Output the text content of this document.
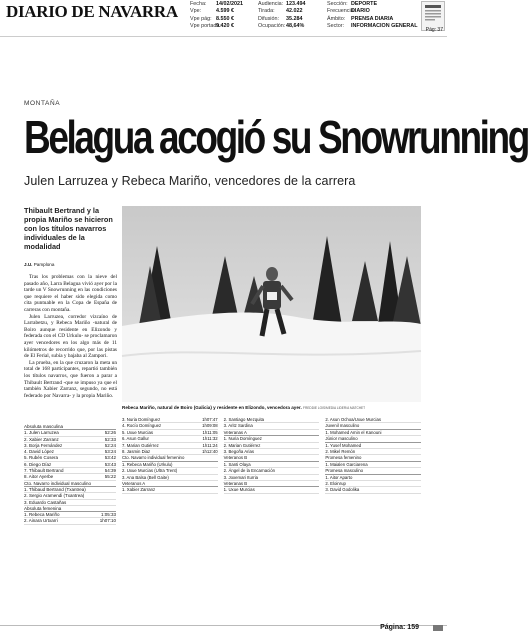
DIARIO DE NAVARRA Fecha: 14/02/2021
Vpe:	4.599 €
Vpe pág: 8.550 €
Vpe portada:9.420 €
Audiencia: 123.494
Tirada: 42.022
Difusión: 35.284
Ocupación:48,64%
Sección: DEPORTE
Frecuencia:DIARIO
Ámbito: PRENSA DIARIA
Sector: INFORMACION GENERAL
Pág: 37
MONTAÑA
Belagua acogió su Snowrunning
Julen Larruzea y Rebeca Mariño, vencedores de la carrera
Thibault Bertrand y la propia Mariño se hicieron con los títulos navarros individuales de la modalidad
J.U. Pamplona

Tras los problemas con la nieve del pasado año, Larra Belagua vivió ayer por la tarde un V Snowrunning en las condiciones que requiere el haber sido elegida como cita puntuable en la Copa de España de carreras con montaña.

Julen Larruzea, corredor vizcaíno de Larrabetzu, y Rebeca Mariño -natural de Boiro aunque residente en Elizondo y federada con el CD Urkulu- se proclamaron ayer vencedores en los algo más de 11 kilómetros de recorrido que, por las pistas de El Ferial, subía y bajaba al Zampori.

La prueba, en la que cruzaron la meta un total de 168 participantes, repartió también los títulos navarros, que fueron a parar a Thibault Bertrand -que se impuso ya que el también Xabier Zarranz, segundo, no está federado por Navarra- y la propia Mariño.

Absoluta masculina
1. Julen Larruzea	52:26
2. Xabier Zarranz	52:33
3. Borja Fernández	52:24
4. David López	53:24
5. Rubén Cosera	53:42
6. Diego Díaz	53:43
7. Thibault Bertrand	54:39
8. Aitor Ayerbe	55:22
Cto. Navarro individual masculino
1. Thibaud Bertrand (Txantrea)
2. Sergio Aramendi (Txantrea)
3. Eduardo Castañas
Absoluta femenina
1. Rebeca Mariño	1:05:33
2. Ainara Urtxarri	1h07:10
Rebeca Mariño, natural de Boiro (Galicia) y residente en Elizondo, vencedora ayer. FREDDIE LOIS/MEDIA LIDER/A MATCHET
3. Nuria Domínguez	1h07:47
4. Rocío Domínguez	1h09:08
5. Uxue Murcias	1h11:05
6. Asun Gallur	1h11:32
7. Marian Gutiérrez	1h11:24
8. Jasmin Diaz	1h12:40
Cto. Navarro individual femenino
1. Rebeca Mariño (Urkulu)
2. Uxue Murcias (Ultra Trent)
3. Ana Balsa (Bell Gaite)
Veteranos A
1. Xabier Zarranz
2. Santiago Mezquita
3. Aritz Sardina
Veteranas A
1. Nuria Domínguez
2. Marian Gutiérrez
3. Begoña Arias
Veteranos B
1. Santi Olaya
2. Ángel de la Encarnación
3. Joxemari Iturria
Veteranas B
1. Uxue Murcias
2. Asun Ochoa/Uxue Murcias
Juvenil masculino
1. Mohamed Amin el Kanouni
Júnior masculino
1. Yusef Mohamed
2. Mikel Remón
Promesa femenino
1. Maialen Garciarena
Promesa masculino
1. Aitor Aparto
2. Eloinrup
3. David Godolika
Página: 159
